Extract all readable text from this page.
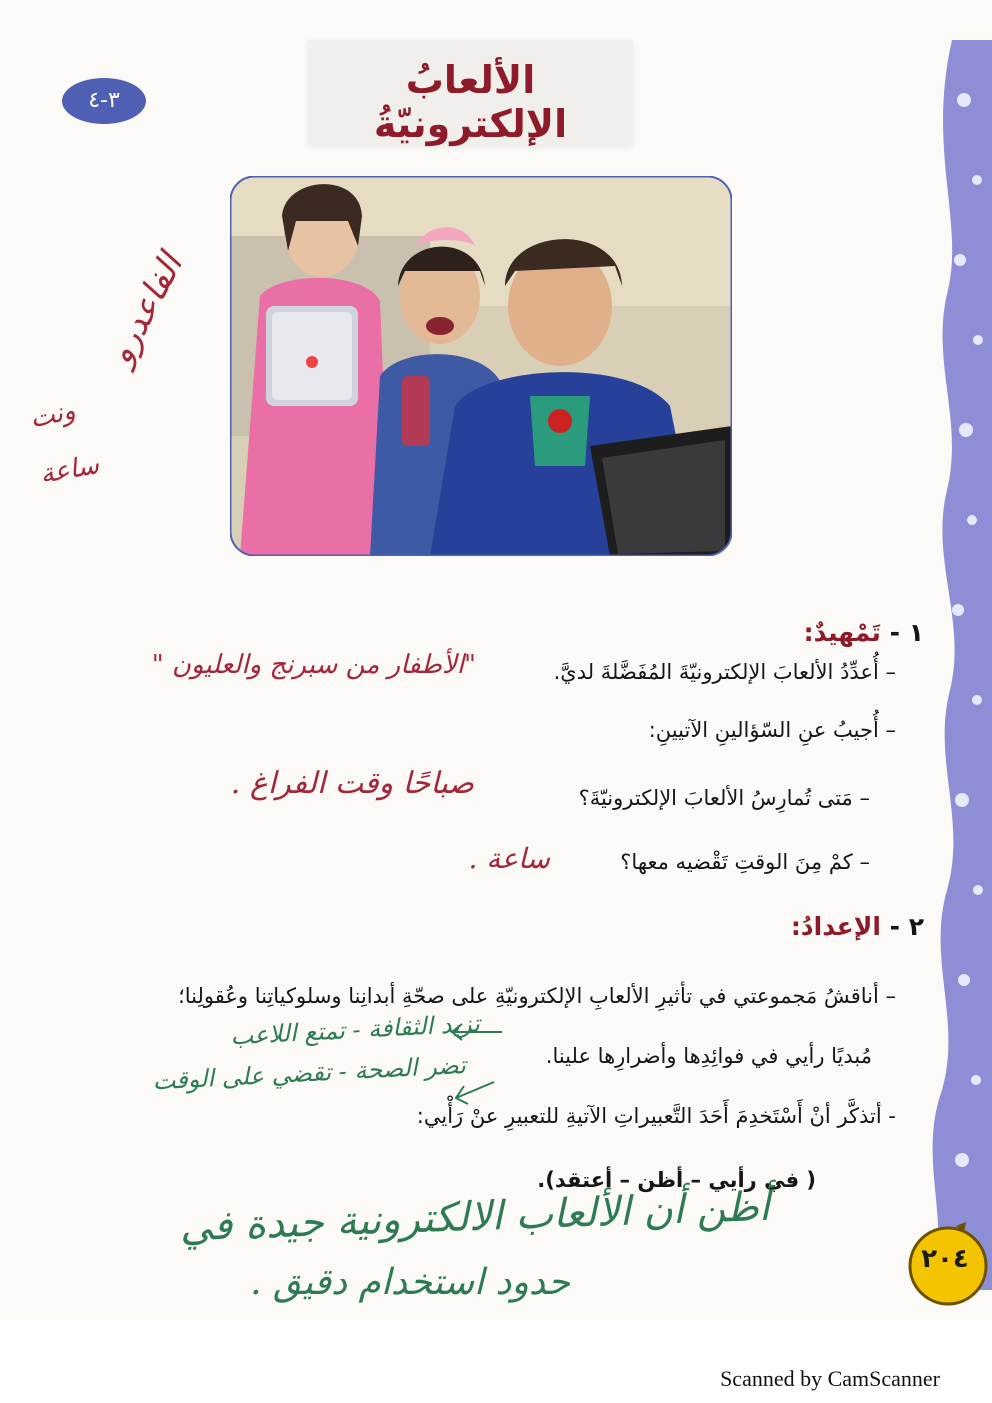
الألعابُ الإلكترونيّةُ
٣-٤
الفاعدرو
ونت
ساعة
١ - تَمْهيدٌ:
– أُعدِّدُ الألعابَ الإلكترونيّةَ المُفَضَّلةَ لديَّ.
"الأطفار من سبرنج والعليون "
– أُجيبُ عنِ السّؤالينِ الآتيينِ:
– مَتى تُمارِسُ الألعابَ الإلكترونيّةَ؟
صباحًا وقت الفراغ .
– كمْ مِنَ الوقتِ تَقْضيه معها؟
ساعة .
٢ - الإعدادُ:
– أناقشُ مَجموعتي في تأثيرِ الألعابِ الإلكترونيّةِ على صحّةِ أبدانِنا وسلوكياتِنا وعُقولِنا؛
مُبديًا رأيي في فوائِدِها وأضرارِها علينا.
تزيد الثقافة - تمتع اللاعب
تضر الصحة - تقضي على الوقت
- أتذكَّر أنْ أَسْتَخدِمَ أَحَدَ التَّعبيراتِ الآتيةِ للتعبيرِ عنْ رَأْيي:
( في رأيي – أظن – أعتقد).
أظن أن الألعاب الالكترونية جيدة في
حدود استخدام دقيق .
٢٠٤
Scanned by CamScanner
